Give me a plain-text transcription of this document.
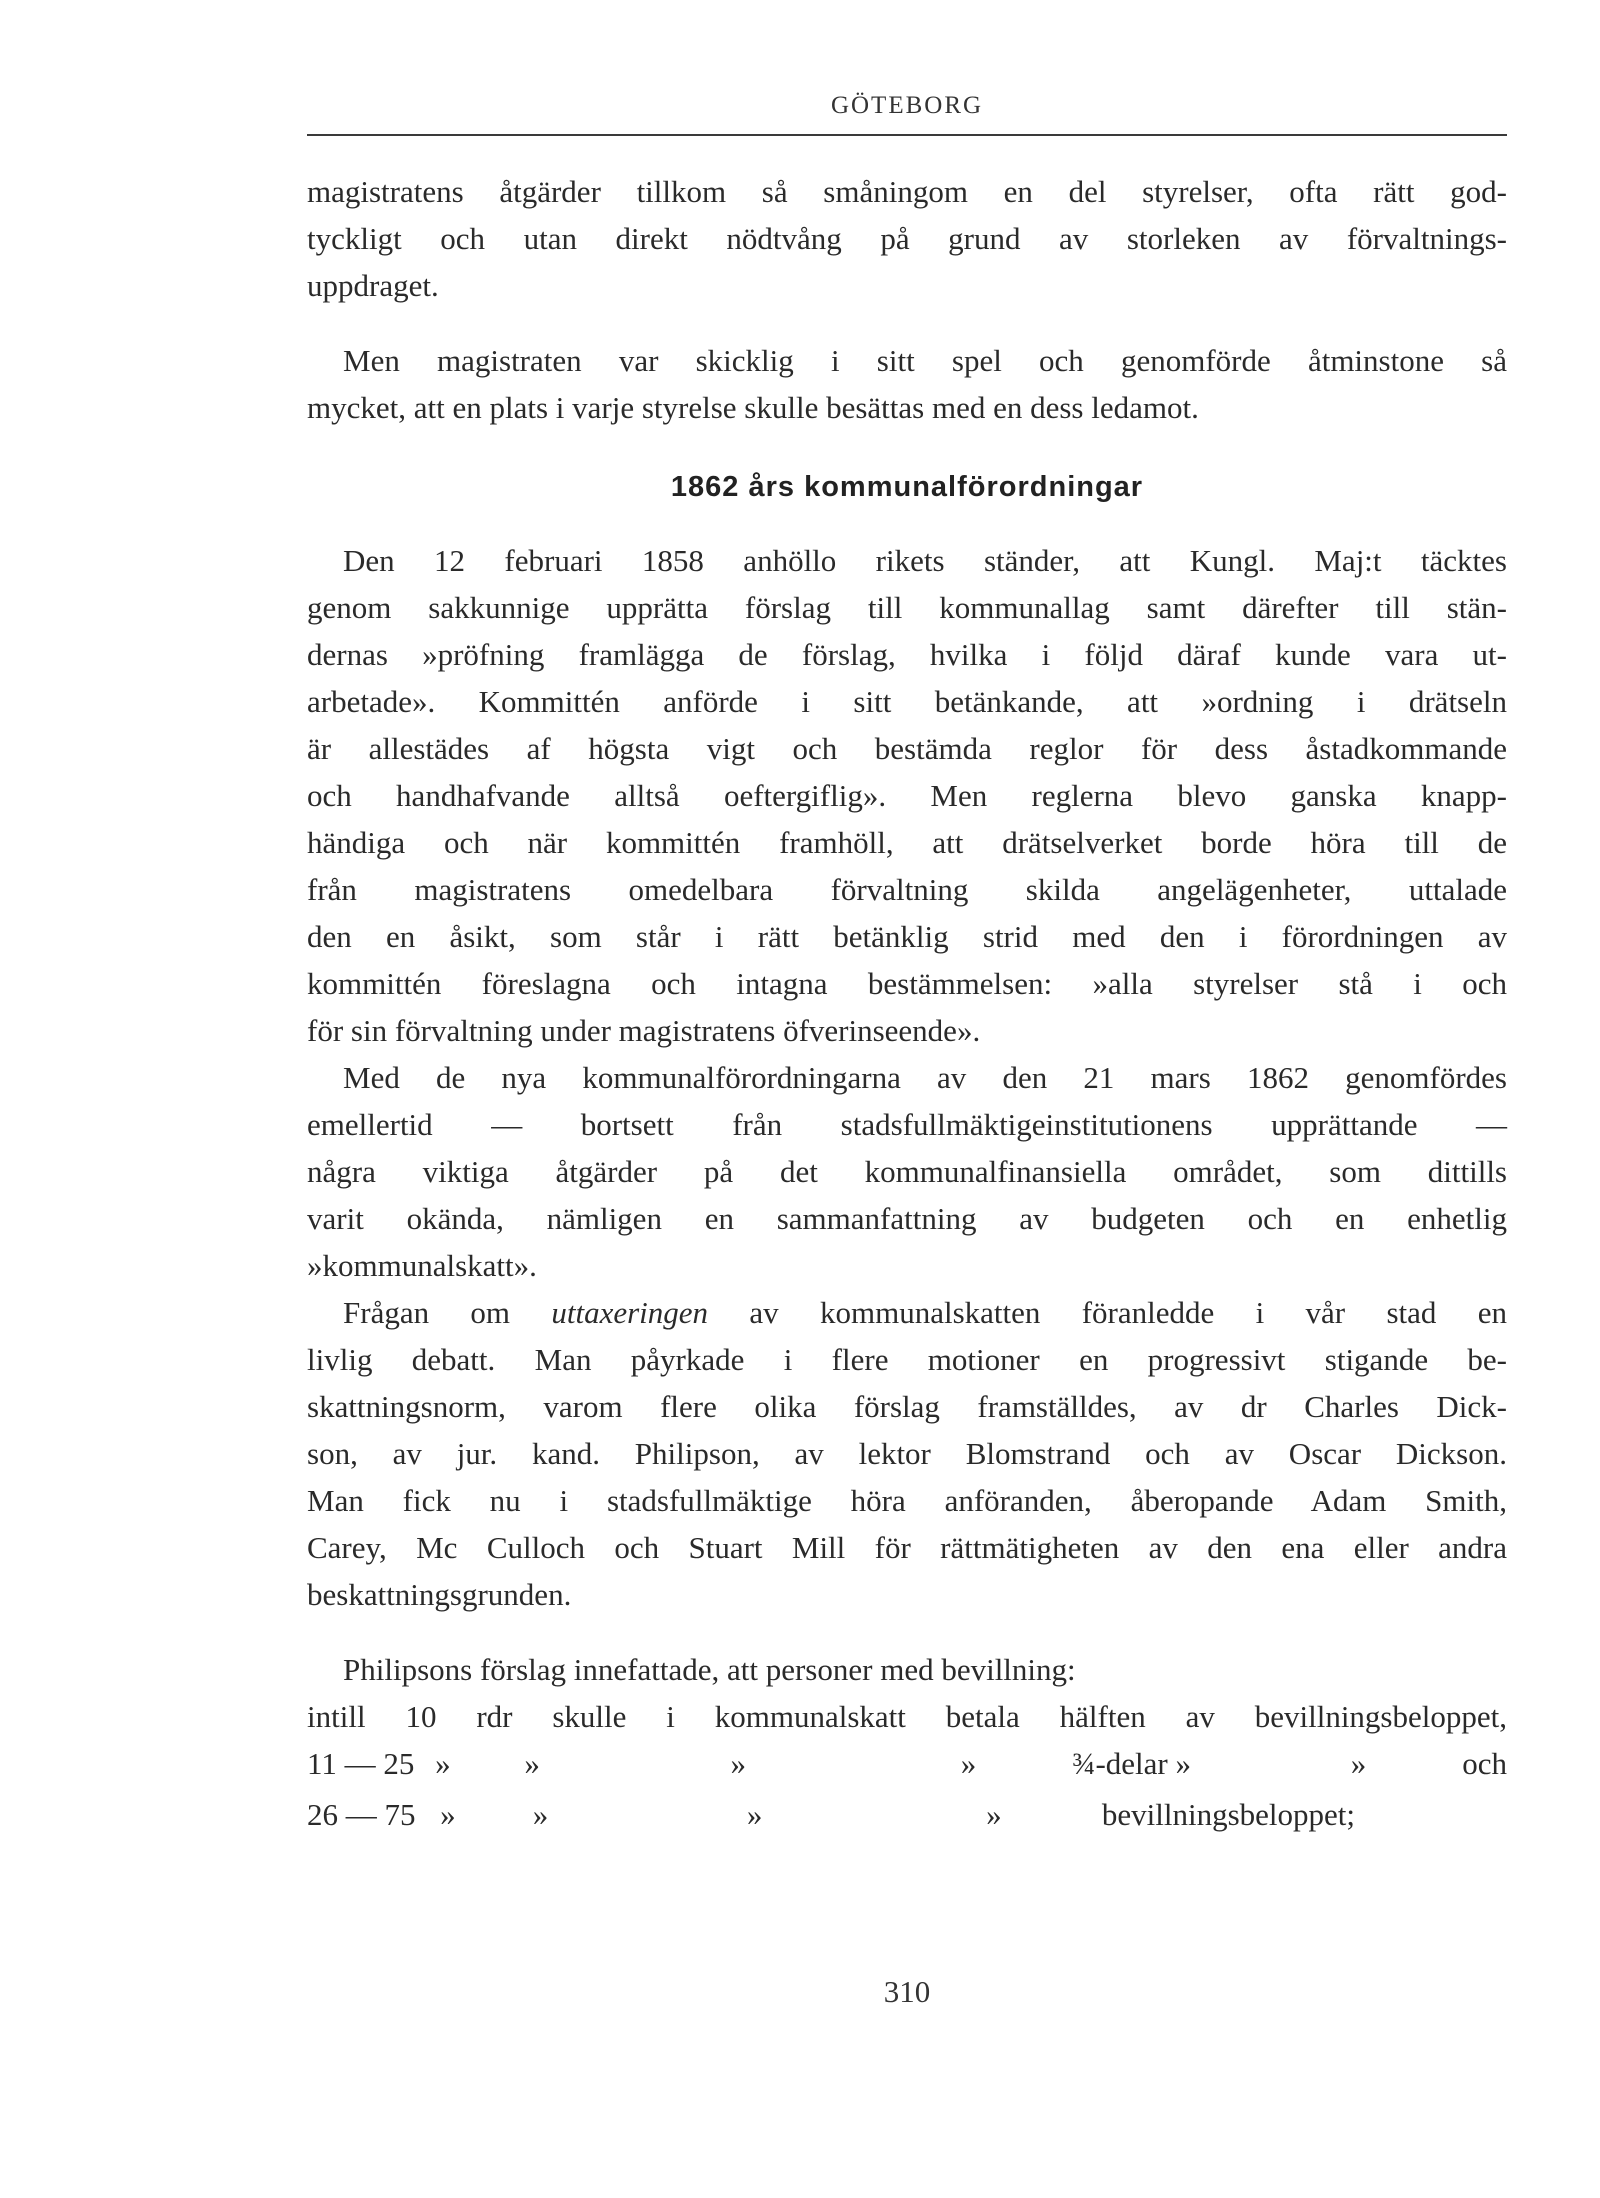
GÖTEBORG

magistratens åtgärder tillkom så småningom en del styrelser, ofta rätt god-
tyckligt och utan direkt nödtvång på grund av storleken av förvaltnings-
uppdraget.

Men magistraten var skicklig i sitt spel och genomförde åtminstone så
mycket, att en plats i varje styrelse skulle besättas med en dess ledamot.

1862 års kommunalförordningar

Den 12 februari 1858 anhöllo rikets ständer, att Kungl. Maj:t täcktes
genom sakkunnige upprätta förslag till kommunallag samt därefter till stän-
dernas »pröfning framlägga de förslag, hvilka i följd däraf kunde vara ut-
arbetade». Kommittén anförde i sitt betänkande, att »ordning i drätseln
är allestädes af högsta vigt och bestämda reglor för dess åstadkommande
och handhafvande alltså oeftergiflig». Men reglerna blevo ganska knapp-
händiga och när kommittén framhöll, att drätselverket borde höra till de
från magistratens omedelbara förvaltning skilda angelägenheter, uttalade
den en åsikt, som står i rätt betänklig strid med den i förordningen av
kommittén föreslagna och intagna bestämmelsen: »alla styrelser stå i och
för sin förvaltning under magistratens öfverinseende».

Med de nya kommunalförordningarna av den 21 mars 1862 genomfördes
emellertid — bortsett från stadsfullmäktigeinstitutionens upprättande —
några viktiga åtgärder på det kommunalfinansiella området, som dittills
varit okända, nämligen en sammanfattning av budgeten och en enhetlig
»kommunalskatt».

Frågan om uttaxeringen av kommunalskatten föranledde i vår stad en
livlig debatt. Man påyrkade i flere motioner en progressivt stigande be-
skattningsnorm, varom flere olika förslag framställdes, av dr Charles Dick-
son, av jur. kand. Philipson, av lektor Blomstrand och av Oscar Dickson.
Man fick nu i stadsfullmäktige höra anföranden, åberopande Adam Smith,
Carey, Mc Culloch och Stuart Mill för rättmätigheten av den ena eller andra
beskattningsgrunden.

Philipsons förslag innefattade, att personer med bevillning:
intill 10 rdr skulle i kommunalskatt betala hälften av bevillningsbeloppet,

11 — 25 »	»	»	»	¾-delar »	»	och
26 — 75 »	»	»	»	bevillningsbeloppet;
310
